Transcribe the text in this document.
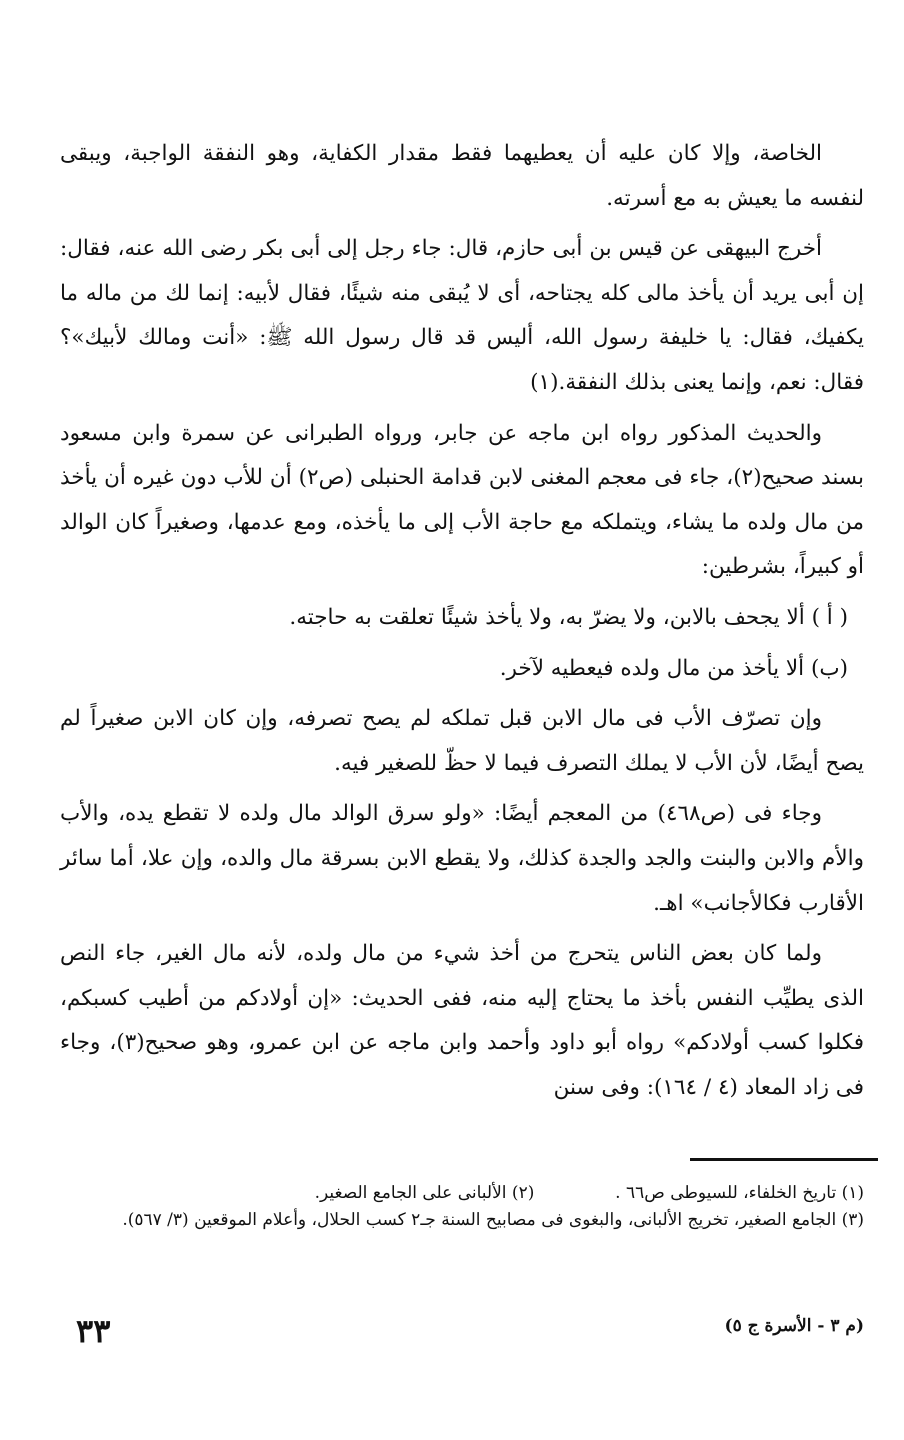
الخاصة، وإلا كان عليه أن يعطيهما فقط مقدار الكفاية، وهو النفقة الواجبة، ويبقى لنفسه ما يعيش به مع أسرته.

أخرج البيهقى عن قيس بن أبى حازم، قال: جاء رجل إلى أبى بكر رضى الله عنه، فقال: إن أبى يريد أن يأخذ مالى كله يجتاحه، أى لا يُبقى منه شيئًا، فقال لأبيه: إنما لك من ماله ما يكفيك، فقال: يا خليفة رسول الله، أليس قد قال رسول الله ﷺ: «أنت ومالك لأبيك»؟ فقال: نعم، وإنما يعنى بذلك النفقة.(١)

والحديث المذكور رواه ابن ماجه عن جابر، ورواه الطبرانى عن سمرة وابن مسعود بسند صحيح(٢)، جاء فى معجم المغنى لابن قدامة الحنبلى (ص٢) أن للأب دون غيره أن يأخذ من مال ولده ما يشاء، ويتملكه مع حاجة الأب إلى ما يأخذه، ومع عدمها، وصغيراً كان الوالد أو كبيراً، بشرطين:

( أ ) ألا يجحف بالابن، ولا يضرّ به، ولا يأخذ شيئًا تعلقت به حاجته.

(ب) ألا يأخذ من مال ولده فيعطيه لآخر.

وإن تصرّف الأب فى مال الابن قبل تملكه لم يصح تصرفه، وإن كان الابن صغيراً لم يصح أيضًا، لأن الأب لا يملك التصرف فيما لا حظّ للصغير فيه.

وجاء فى (ص٤٦٨) من المعجم أيضًا: «ولو سرق الوالد مال ولده لا تقطع يده، والأب والأم والابن والبنت والجد والجدة كذلك، ولا يقطع الابن بسرقة مال والده، وإن علا، أما سائر الأقارب فكالأجانب» اهـ.

ولما كان بعض الناس يتحرج من أخذ شيء من مال ولده، لأنه مال الغير، جاء النص الذى يطيِّب النفس بأخذ ما يحتاج إليه منه، ففى الحديث: «إن أولادكم من أطيب كسبكم، فكلوا كسب أولادكم» رواه أبو داود وأحمد وابن ماجه عن ابن عمرو، وهو صحيح(٣)، وجاء فى زاد المعاد (٤ / ١٦٤): وفى سنن

(١) تاريخ الخلفاء، للسيوطى ص٦٦ .  (٢) الألبانى على الجامع الصغير.

(٣) الجامع الصغير، تخريج الألبانى، والبغوى فى مصابيح السنة جـ٢ كسب الحلال، وأعلام الموقعين (٣/ ٥٦٧).

(م ٣ - الأسرة ج ٥)
٣٣
